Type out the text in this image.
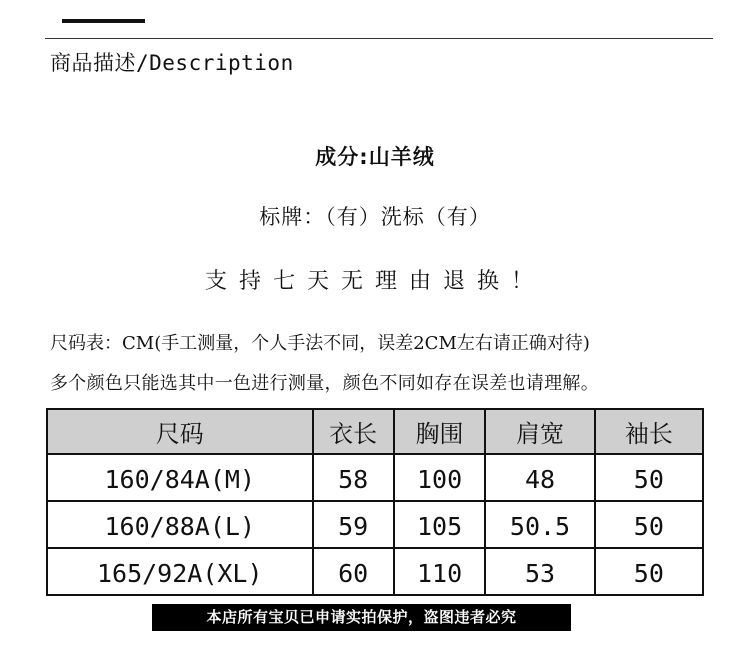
商品描述/Description
成分:山羊绒
标牌：（有）洗标（有）
支持七天无理由退换！
尺码表：CM(手工测量，个人手法不同，误差2CM左右请正确对待)
多个颜色只能选其中一色进行测量，颜色不同如存在误差也请理解。
尺码	衣长	胸围	肩宽	袖长
160/84A(M)	58	100	48	50
160/88A(L)	59	105	50.5	50
165/92A(XL)	60	110	53	50
本店所有宝贝已申请实拍保护，盗图违者必究
